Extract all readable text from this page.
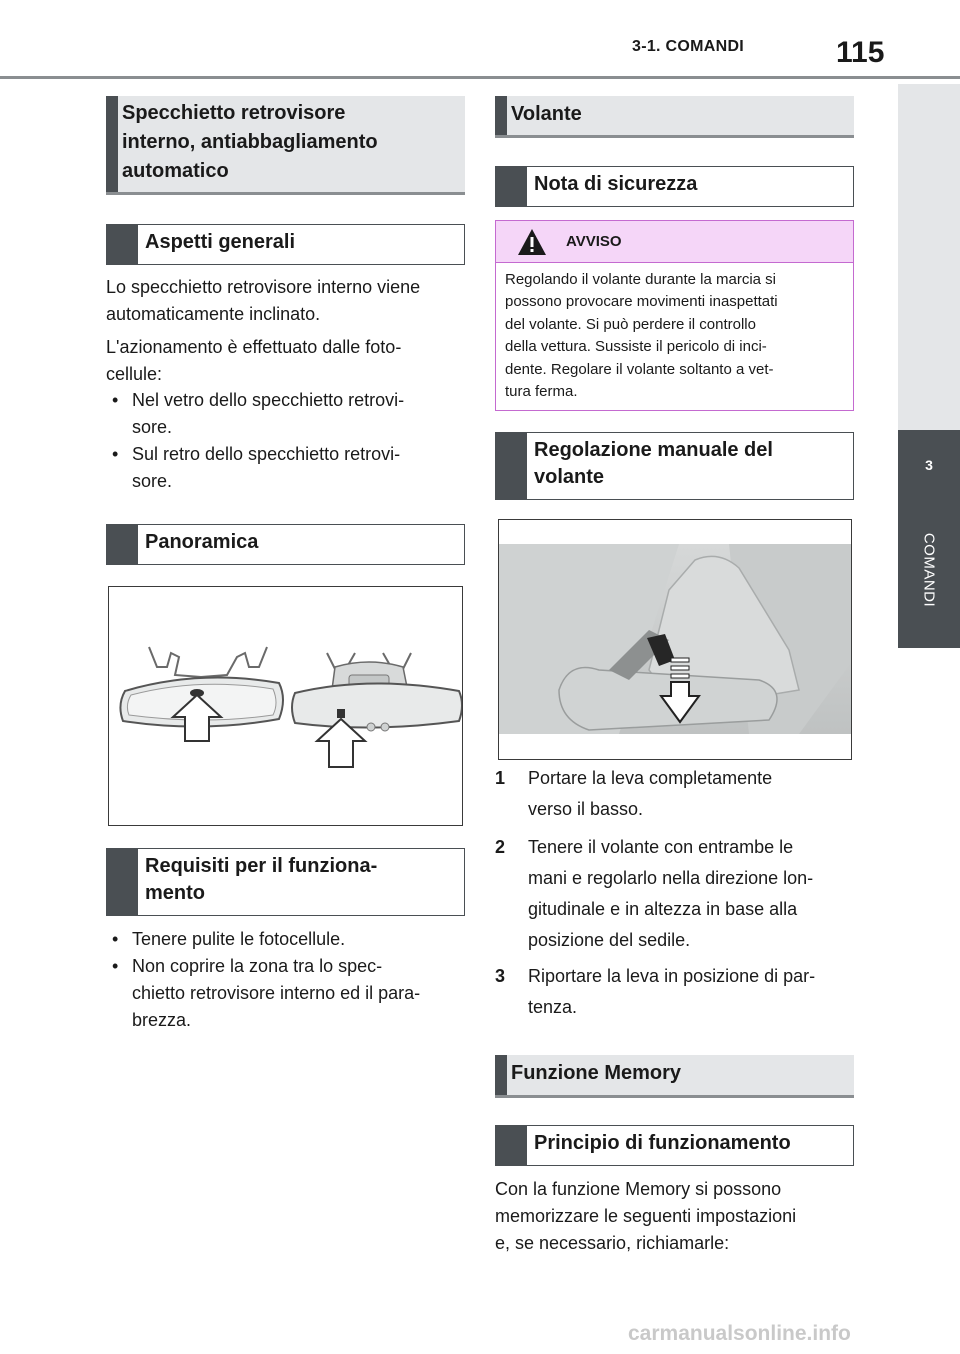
3-1. COMANDI	115
3
COMANDI
Specchietto retrovisore
interno, antiabbagliamento
automatico
Aspetti generali
Lo specchietto retrovisore interno viene
automaticamente inclinato.
L'azionamento è effettuato dalle foto-
cellule:
• Nel vetro dello specchietto retrovi-
sore.
• Sul retro dello specchietto retrovi-
sore.
Panoramica
Requisiti per il funziona-
mento
• Tenere pulite le fotocellule.
• Non coprire la zona tra lo spec-
chietto retrovisore interno ed il para-
brezza.
Volante
Nota di sicurezza
AVVISO
Regolando il volante durante la marcia si
possono provocare movimenti inaspettati
del volante. Si può perdere il controllo
della vettura. Sussiste il pericolo di inci-
dente. Regolare il volante soltanto a vet-
tura ferma.
Regolazione manuale del
volante
1 Portare la leva completamente
verso il basso.
2 Tenere il volante con entrambe le
mani e regolarlo nella direzione lon-
gitudinale e in altezza in base alla
posizione del sedile.
3 Riportare la leva in posizione di par-
tenza.
Funzione Memory
Principio di funzionamento
Con la funzione Memory si possono
memorizzare le seguenti impostazioni
e, se necessario, richiamarle:
carmanualsonline.info
